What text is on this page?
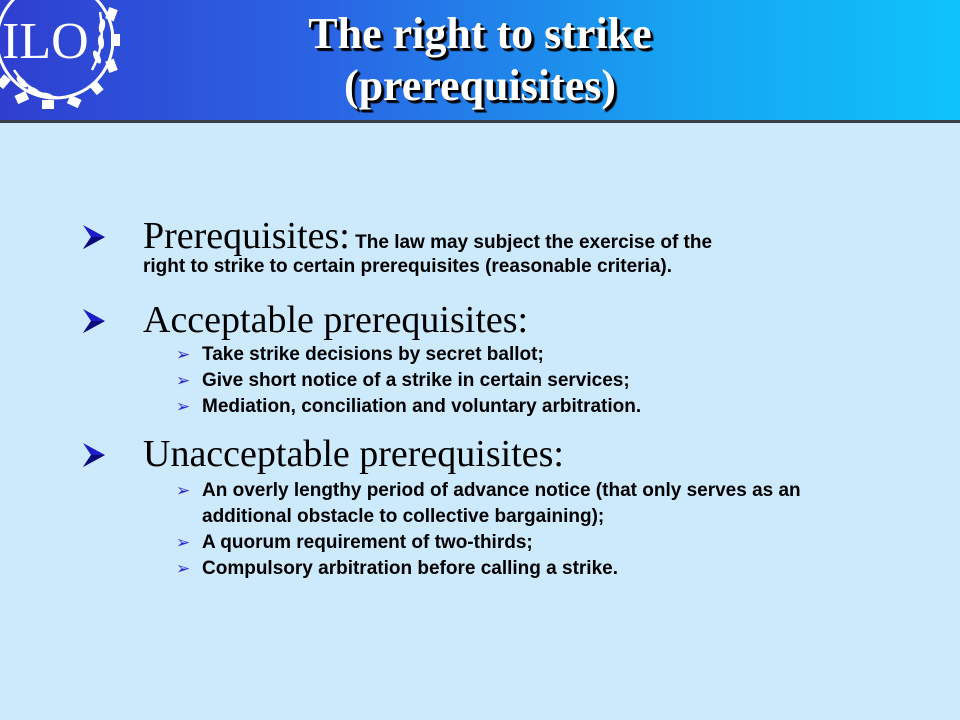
ILO	The right to strike
(prerequisites)
Prerequisites: The law may subject the exercise of the
right to strike to certain prerequisites (reasonable criteria).
Acceptable prerequisites:
➢ Take strike decisions by secret ballot;
➢ Give short notice of a strike in certain services;
➢ Mediation, conciliation and voluntary arbitration.
Unacceptable prerequisites:
➢ An overly lengthy period of advance notice (that only serves as an additional obstacle to collective bargaining);
➢ A quorum requirement of two-thirds;
➢ Compulsory arbitration before calling a strike.
